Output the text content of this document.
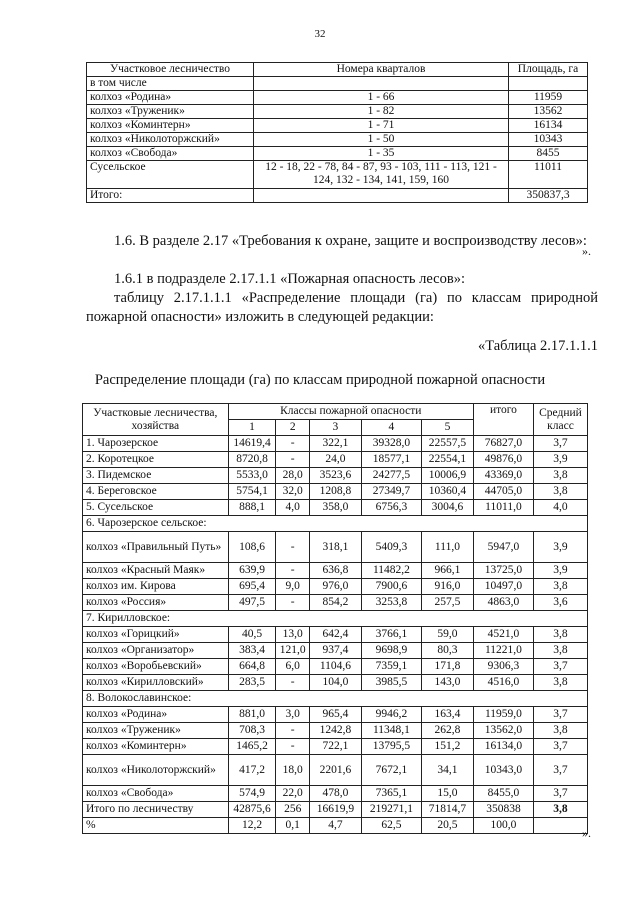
32
Участковое лесничество	Номера кварталов	Площадь, га
в том числе		
колхоз «Родина»	1 - 66	11959
колхоз «Труженик»	1 - 82	13562
колхоз «Коминтерн»	1 - 71	16134
колхоз «Николоторжский»	1 - 50	10343
колхоз «Свобода»	1 - 35	8455
Сусельское	12 - 18, 22 - 78, 84 - 87, 93 - 103, 111 - 113, 121 - 124, 132 - 134, 141, 159, 160	11011
Итого:		350837,3
».
1.6. В разделе 2.17 «Требования к охране, защите и воспроизводству лесов»:
1.6.1 в подразделе 2.17.1.1 «Пожарная опасность лесов»:
таблицу 2.17.1.1.1 «Распределение площади (га) по классам природной пожарной опасности» изложить в следующей редакции:
«Таблица 2.17.1.1.1
Распределение площади (га) по классам природной пожарной опасности
Участковые лесничества, хозяйства	Классы пожарной опасности					итого	Средний класс
	1	2	3	4	5		
1. Чарозерское	14619,4	-	322,1	39328,0	22557,5	76827,0	3,7
2. Коротецкое	8720,8	-	24,0	18577,1	22554,1	49876,0	3,9
3. Пидемское	5533,0	28,0	3523,6	24277,5	10006,9	43369,0	3,8
4. Береговское	5754,1	32,0	1208,8	27349,7	10360,4	44705,0	3,8
5. Сусельское	888,1	4,0	358,0	6756,3	3004,6	11011,0	4,0
6. Чарозерское сельское:							
колхоз «Правильный Путь»	108,6	-	318,1	5409,3	111,0	5947,0	3,9
колхоз «Красный Маяк»	639,9	-	636,8	11482,2	966,1	13725,0	3,9
колхоз им. Кирова	695,4	9,0	976,0	7900,6	916,0	10497,0	3,8
колхоз «Россия»	497,5	-	854,2	3253,8	257,5	4863,0	3,6
7. Кирилловское:							
колхоз «Горицкий»	40,5	13,0	642,4	3766,1	59,0	4521,0	3,8
колхоз «Организатор»	383,4	121,0	937,4	9698,9	80,3	11221,0	3,8
колхоз «Воробьевский»	664,8	6,0	1104,6	7359,1	171,8	9306,3	3,7
колхоз «Кирилловский»	283,5	-	104,0	3985,5	143,0	4516,0	3,8
8. Волокославинское:							
колхоз «Родина»	881,0	3,0	965,4	9946,2	163,4	11959,0	3,7
колхоз «Труженик»	708,3	-	1242,8	11348,1	262,8	13562,0	3,8
колхоз «Коминтерн»	1465,2	-	722,1	13795,5	151,2	16134,0	3,7
колхоз «Николоторжский»	417,2	18,0	2201,6	7672,1	34,1	10343,0	3,7
колхоз «Свобода»	574,9	22,0	478,0	7365,1	15,0	8455,0	3,7
Итого по лесничеству	42875,6	256	16619,9	219271,1	71814,7	350838	3,8
%	12,2	0,1	4,7	62,5	20,5	100,0	
».
